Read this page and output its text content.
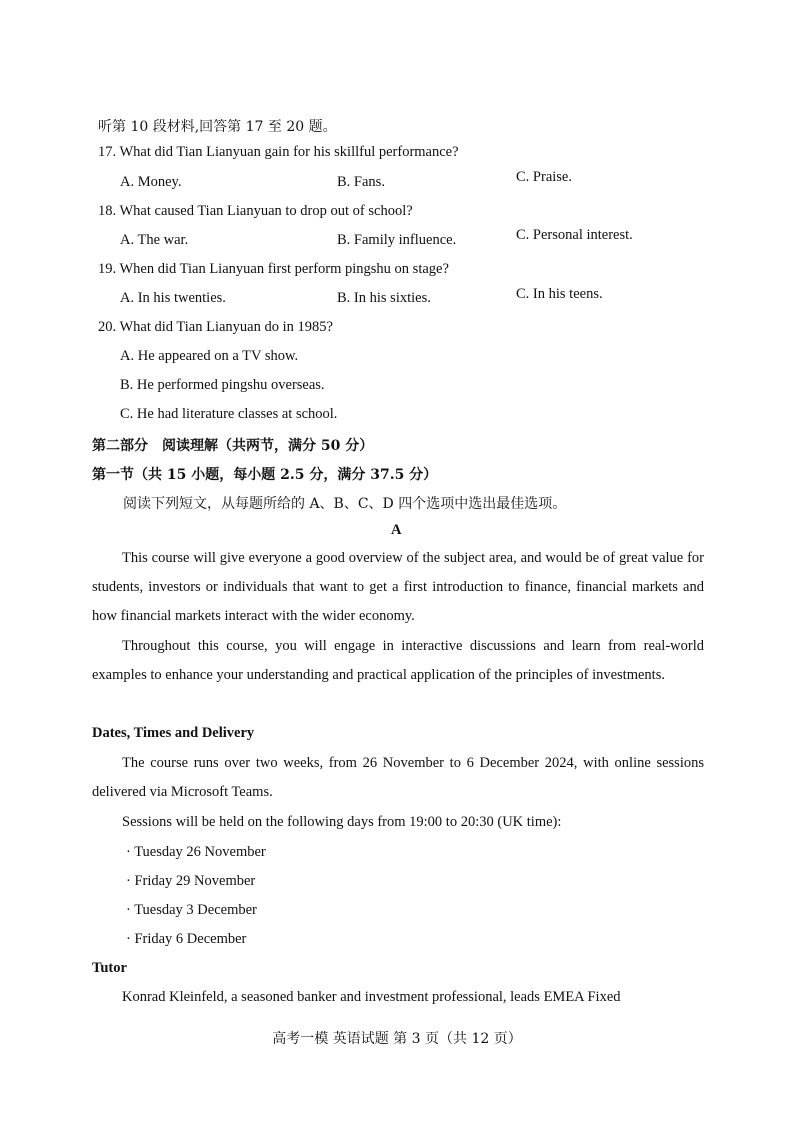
听第 10 段材料,回答第 17 至 20 题。
17. What did Tian Lianyuan gain for his skillful performance?
A. Money.	B. Fans.	C. Praise.
18. What caused Tian Lianyuan to drop out of school?
A. The war.	B. Family influence.	C. Personal interest.
19. When did Tian Lianyuan first perform pingshu on stage?
A. In his twenties.	B. In his sixties.	C. In his teens.
20. What did Tian Lianyuan do in 1985?
A. He appeared on a TV show.
B. He performed pingshu overseas.
C. He had literature classes at school.
第二部分　阅读理解（共两节，满分 50 分）
第一节（共 15 小题，每小题 2.5 分，满分 37.5 分）
阅读下列短文，从每题所给的 A、B、C、D 四个选项中选出最佳选项。
A
This course will give everyone a good overview of the subject area, and would be of great value for students, investors or individuals that want to get a first introduction to finance, financial markets and how financial markets interact with the wider economy.
Throughout this course, you will engage in interactive discussions and learn from real-world examples to enhance your understanding and practical application of the principles of investments.
Dates, Times and Delivery
The course runs over two weeks, from 26 November to 6 December 2024, with online sessions delivered via Microsoft Teams.
Sessions will be held on the following days from 19:00 to 20:30 (UK time):
· Tuesday 26 November
· Friday 29 November
· Tuesday 3 December
· Friday 6 December
Tutor
Konrad Kleinfeld, a seasoned banker and investment professional, leads EMEA Fixed
高考一模 英语试题 第 3 页（共 12 页）
